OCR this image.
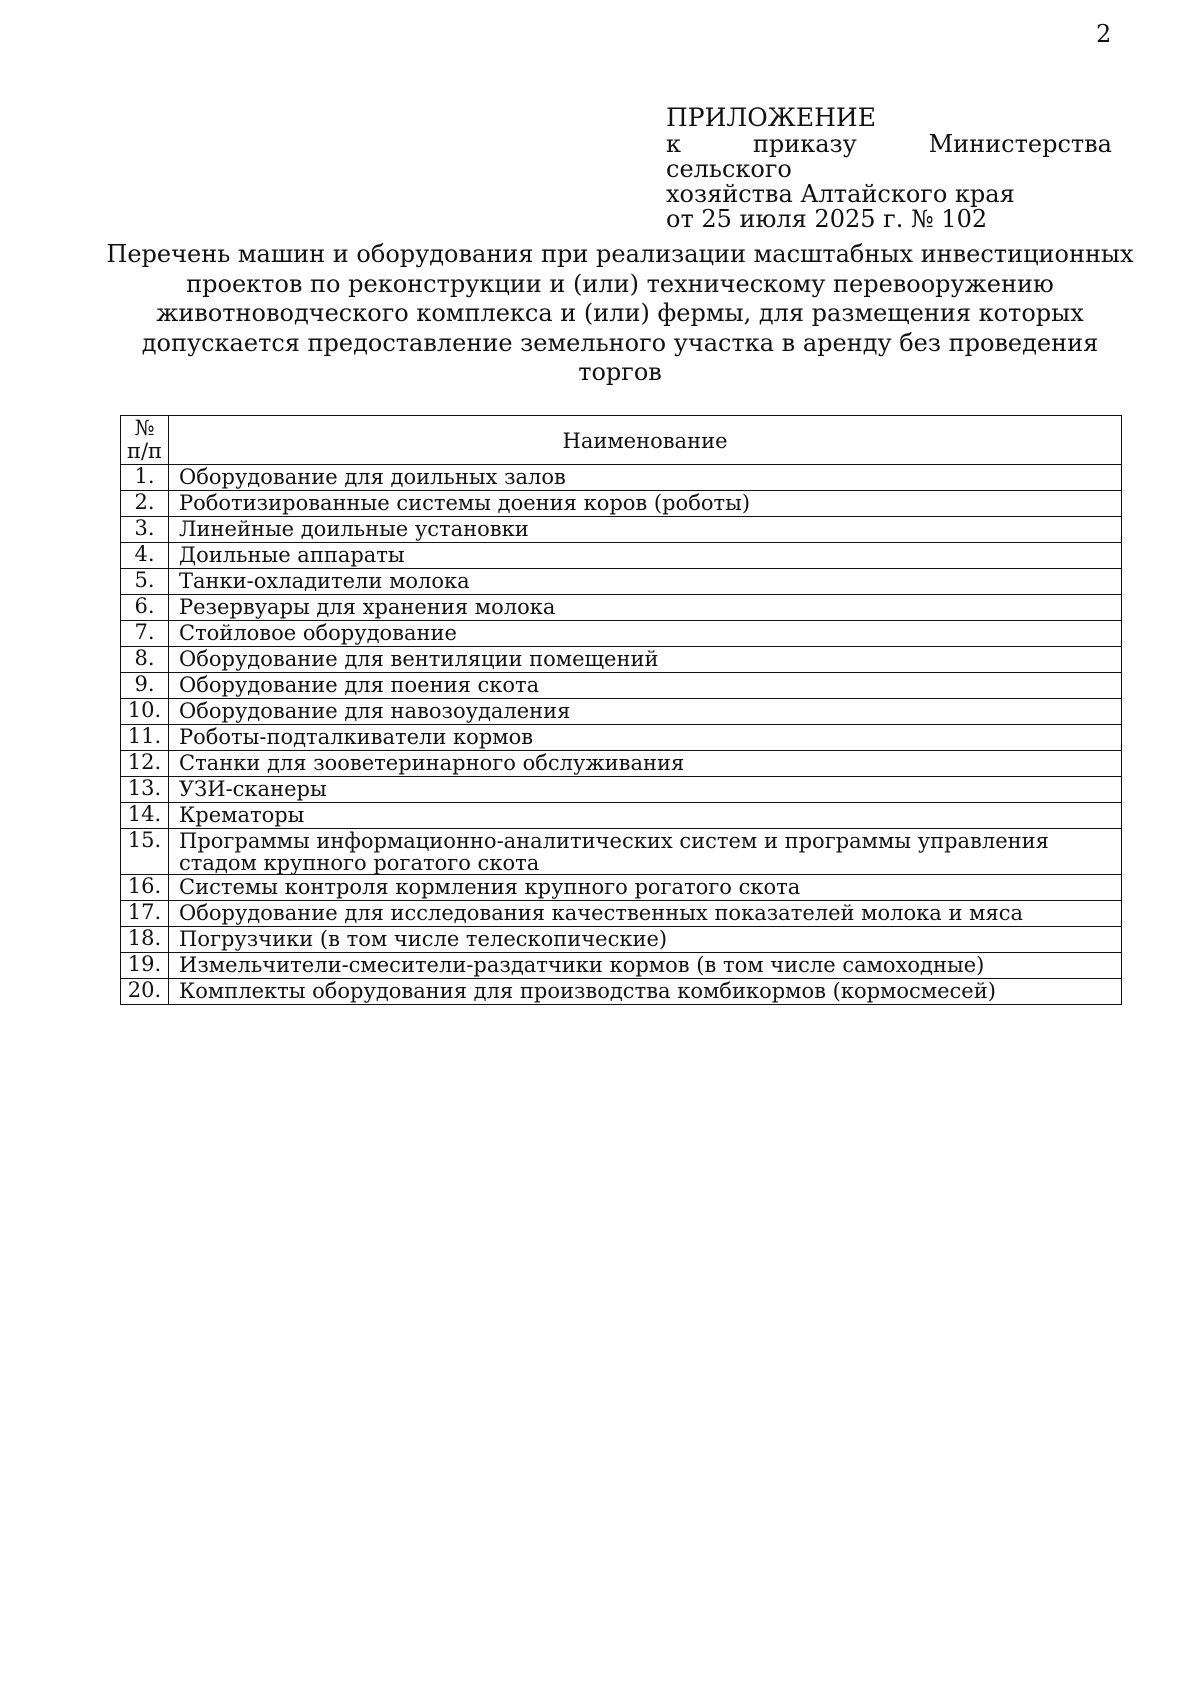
2
ПРИЛОЖЕНИЕ
к приказу Министерства сельского
хозяйства Алтайского края
от 25 июля 2025 г. № 102
Перечень машин и оборудования при реализации масштабных инвестиционных
проектов по реконструкции и (или) техническому перевооружению
животноводческого комплекса и (или) фермы, для размещения которых
допускается предоставление земельного участка в аренду без проведения
торгов
№
п/п	Наименование
1.	Оборудование для доильных залов
2.	Роботизированные системы доения коров (роботы)
3.	Линейные доильные установки
4.	Доильные аппараты
5.	Танки-охладители молока
6.	Резервуары для хранения молока
7.	Стойловое оборудование
8.	Оборудование для вентиляции помещений
9.	Оборудование для поения скота
10.	Оборудование для навозоудаления
11.	Роботы-подталкиватели кормов
12.	Станки для зооветеринарного обслуживания
13.	УЗИ-сканеры
14.	Крематоры
15.	Программы информационно-аналитических систем и программы управления стадом крупного рогатого скота
16.	Системы контроля кормления крупного рогатого скота
17.	Оборудование для исследования качественных показателей молока и мяса
18.	Погрузчики (в том числе телескопические)
19.	Измельчители-смесители-раздатчики кормов (в том числе самоходные)
20.	Комплекты оборудования для производства комбикормов (кормосмесей)
